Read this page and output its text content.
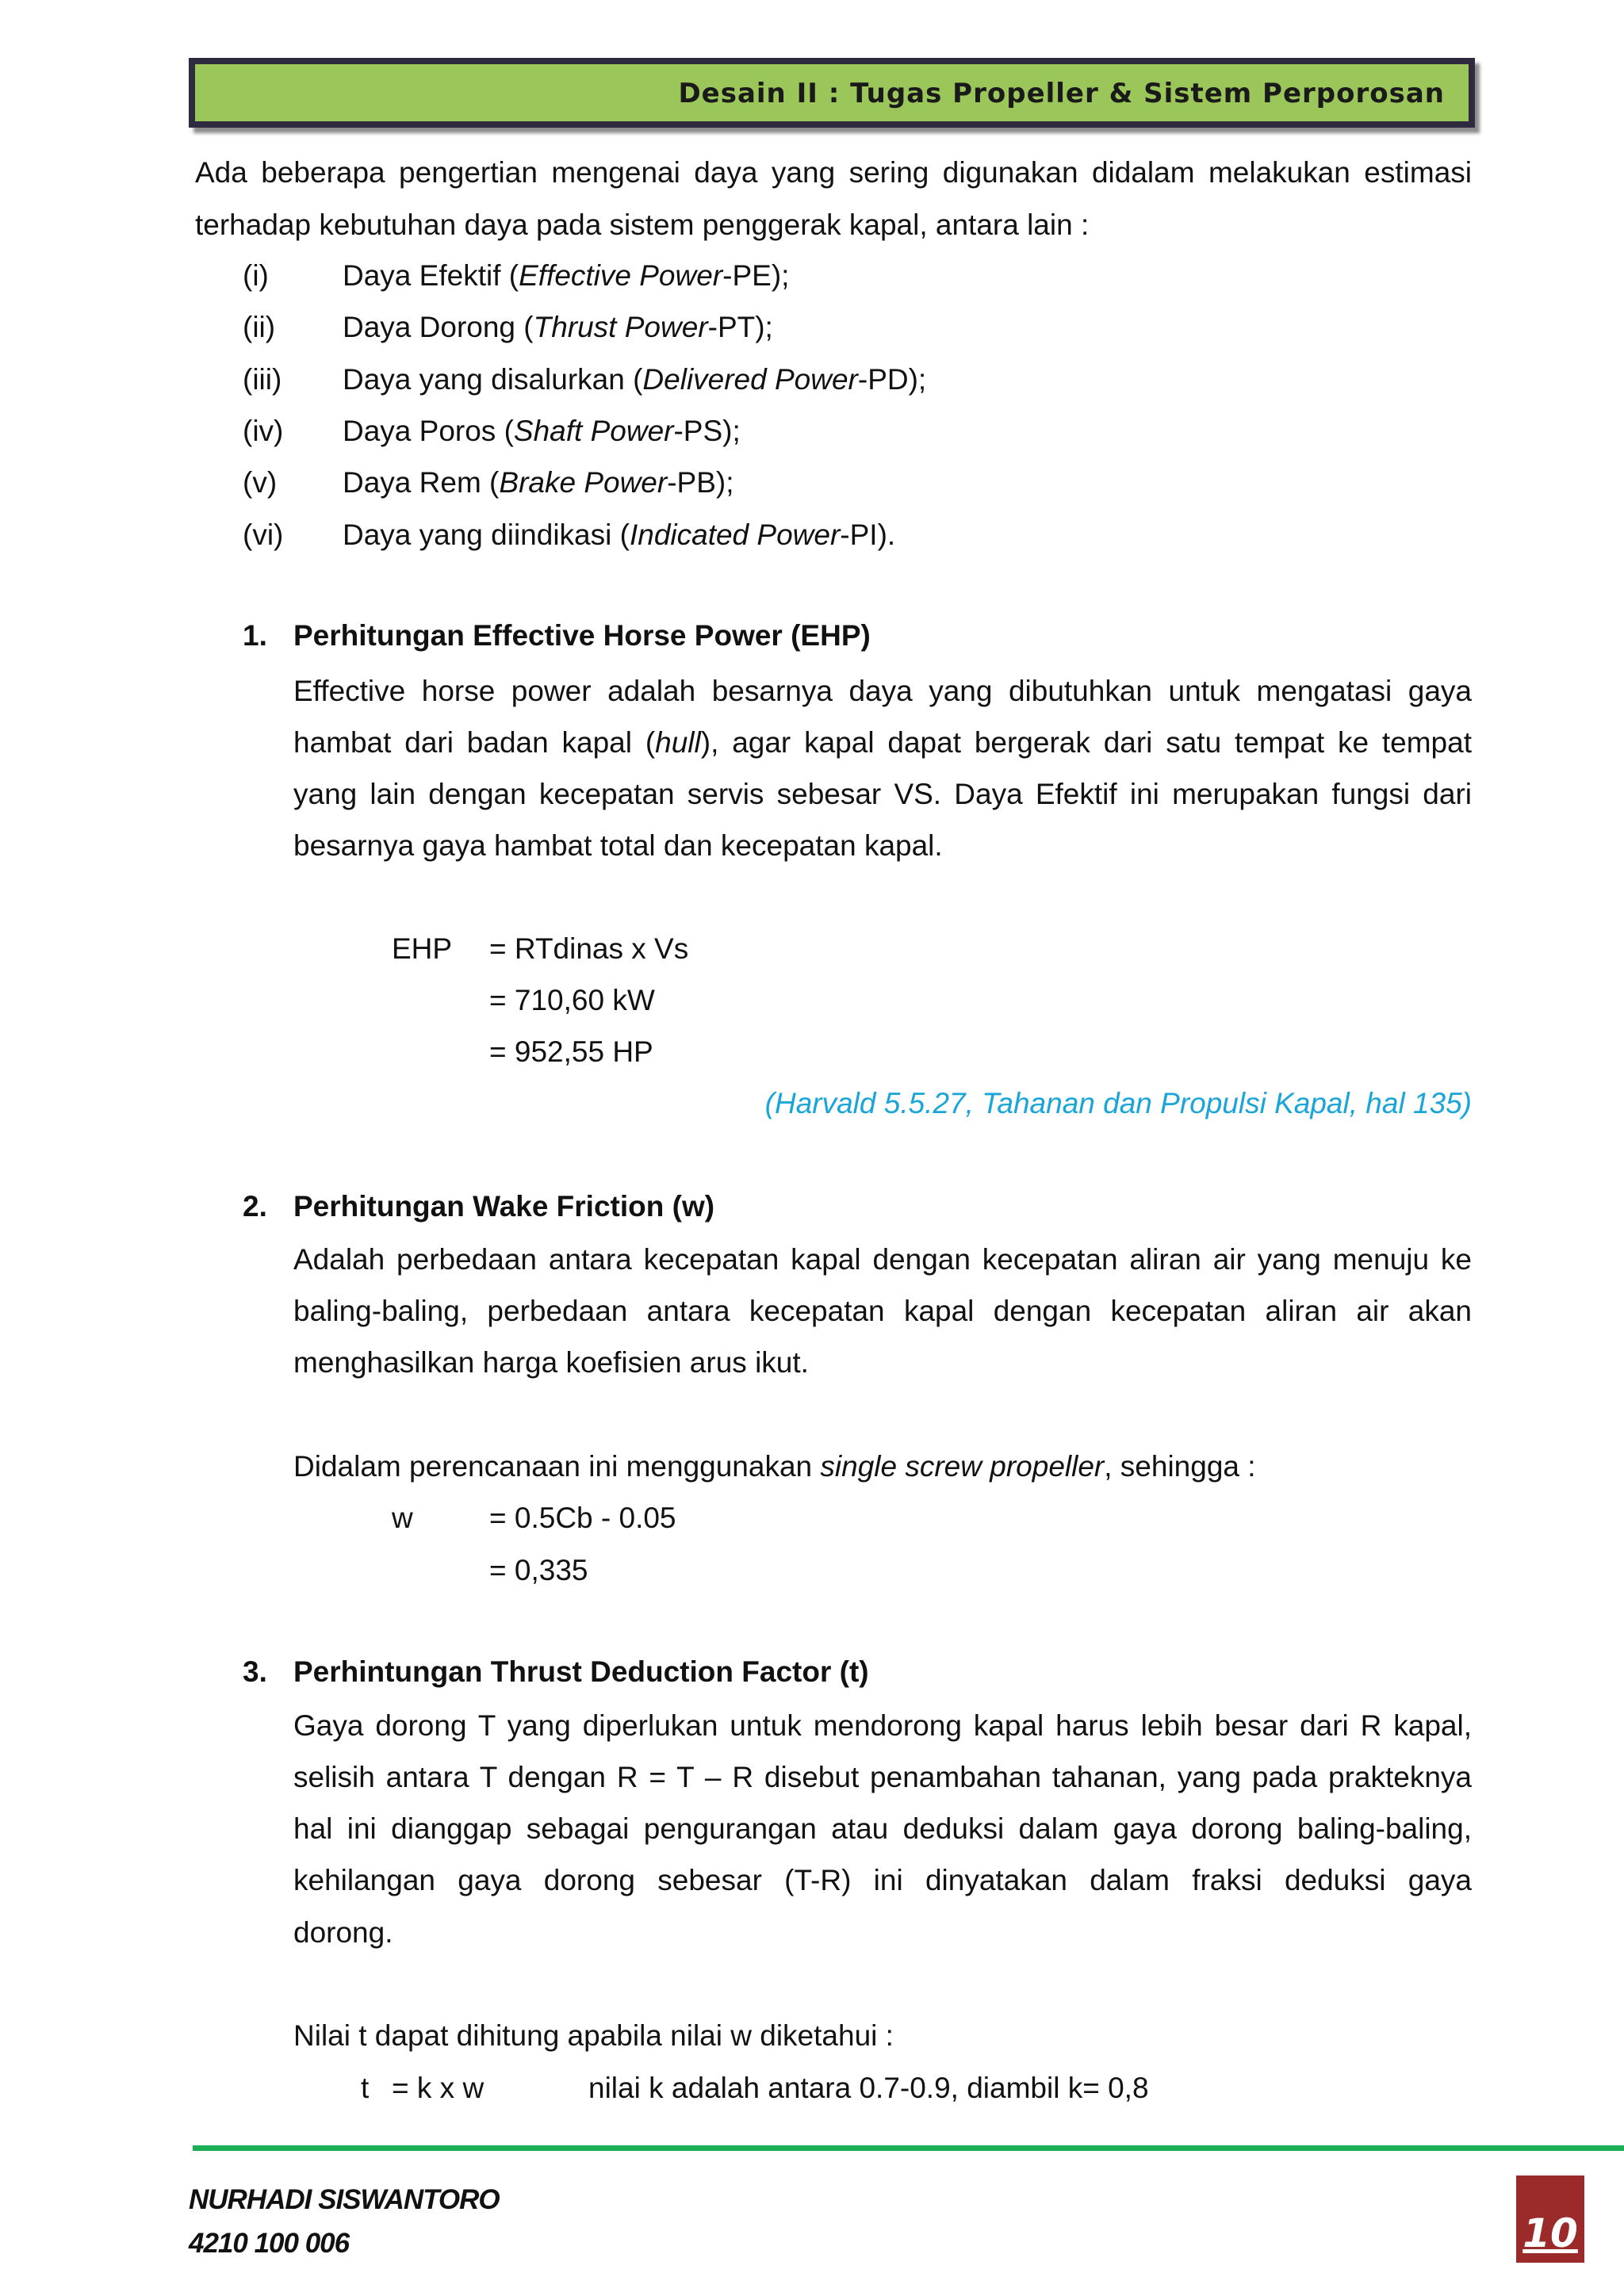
Desain II : Tugas Propeller & Sistem Perporosan
Ada beberapa pengertian mengenai daya yang sering digunakan didalam melakukan estimasi
terhadap kebutuhan daya pada sistem penggerak kapal, antara lain :
(i)	Daya Efektif (Effective Power-PE);
(ii) Daya Dorong (Thrust Power-PT);
(iii) Daya yang disalurkan (Delivered Power-PD);
(iv) Daya Poros (Shaft Power-PS);
(v) Daya Rem (Brake Power-PB);
(vi) Daya yang diindikasi (Indicated Power-PI).
1. Perhitungan Effective Horse Power (EHP)
Effective horse power adalah besarnya daya yang dibutuhkan untuk mengatasi gaya
hambat dari badan kapal (hull), agar kapal dapat bergerak dari satu tempat ke tempat
yang lain dengan kecepatan servis sebesar VS. Daya Efektif ini merupakan fungsi dari
besarnya gaya hambat total dan kecepatan kapal.
EHP = RTdinas x Vs
= 710,60 kW
= 952,55 HP
(Harvald 5.5.27, Tahanan dan Propulsi Kapal, hal 135)
2. Perhitungan Wake Friction (w)
Adalah perbedaan antara kecepatan kapal dengan kecepatan aliran air yang menuju ke
baling-baling, perbedaan antara kecepatan kapal dengan kecepatan aliran air akan
menghasilkan harga koefisien arus ikut.
Didalam perencanaan ini menggunakan single screw propeller, sehingga :
w	= 0.5Cb - 0.05
= 0,335
3. Perhintungan Thrust Deduction Factor (t)
Gaya dorong T yang diperlukan untuk mendorong kapal harus lebih besar dari R kapal,
selisih antara T dengan R = T – R disebut penambahan tahanan, yang pada prakteknya
hal ini dianggap sebagai pengurangan atau deduksi dalam gaya dorong baling-baling,
kehilangan gaya dorong sebesar (T-R) ini dinyatakan dalam fraksi deduksi gaya
dorong.
Nilai t dapat dihitung apabila nilai w diketahui :
t = k x w	nilai k adalah antara 0.7-0.9, diambil k= 0,8
NURHADI SISWANTORO
4210 100 006	10
